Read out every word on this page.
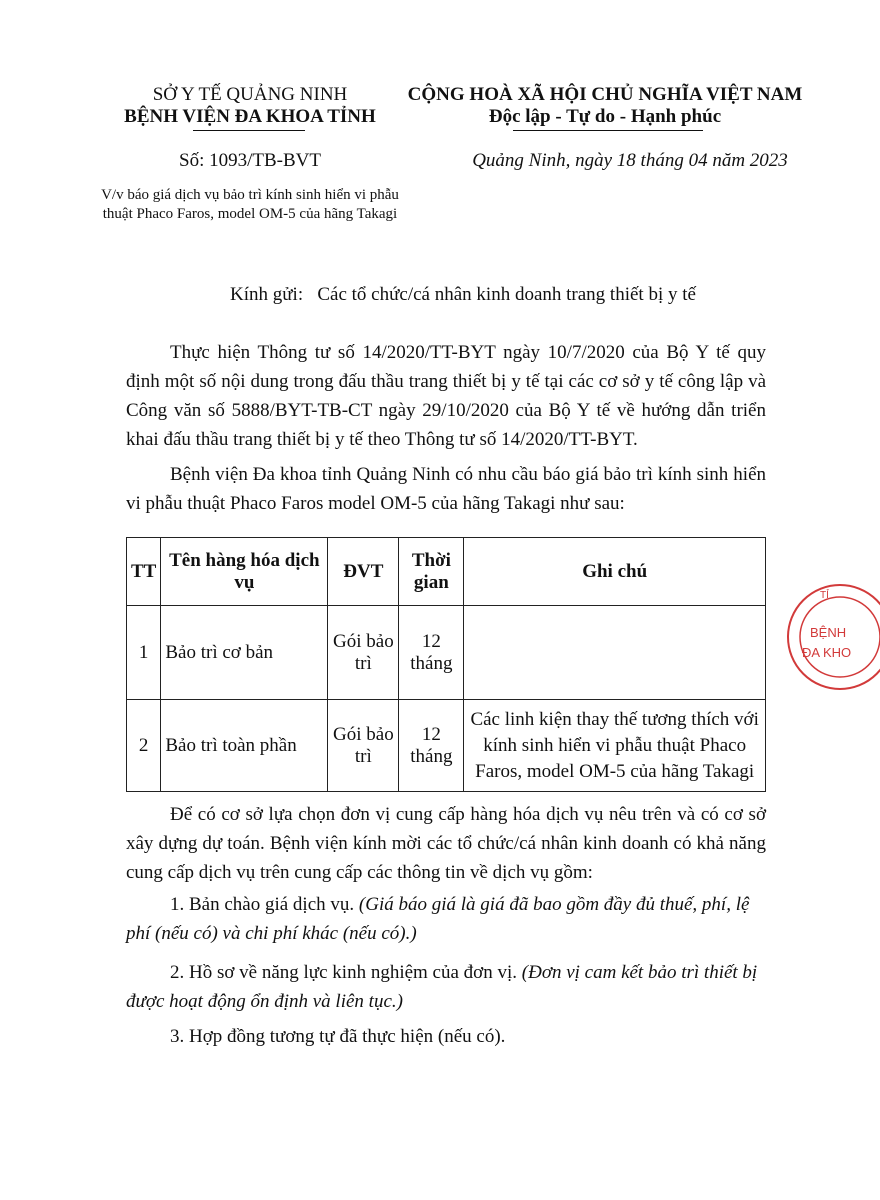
SỞ Y TẾ QUẢNG NINH
BỆNH VIỆN ĐA KHOA TỈNH
CỘNG HOÀ XÃ HỘI CHỦ NGHĨA VIỆT NAM
Độc lập - Tự do - Hạnh phúc
Số: 1093/TB-BVT	Quảng Ninh, ngày 18 tháng 04 năm 2023
V/v báo giá dịch vụ bảo trì kính sinh hiển vi phẫu thuật Phaco Faros, model OM-5 của hãng Takagi
Kính gửi: Các tổ chức/cá nhân kinh doanh trang thiết bị y tế
Thực hiện Thông tư số 14/2020/TT-BYT ngày 10/7/2020 của Bộ Y tế quy định một số nội dung trong đấu thầu trang thiết bị y tế tại các cơ sở y tế công lập và Công văn số 5888/BYT-TB-CT ngày 29/10/2020 của Bộ Y tế về hướng dẫn triển khai đấu thầu trang thiết bị y tế theo Thông tư số 14/2020/TT-BYT.
Bệnh viện Đa khoa tỉnh Quảng Ninh có nhu cầu báo giá bảo trì kính sinh hiển vi phẫu thuật Phaco Faros model OM-5 của hãng Takagi như sau:
TT	Tên hàng hóa dịch vụ	ĐVT	Thời gian	Ghi chú
1	Bảo trì cơ bản	Gói bảo trì	12 tháng	
2	Bảo trì toàn phần	Gói bảo trì	12 tháng	Các linh kiện thay thế tương thích với kính sinh hiển vi phẫu thuật Phaco Faros, model OM-5 của hãng Takagi
Để có cơ sở lựa chọn đơn vị cung cấp hàng hóa dịch vụ nêu trên và có cơ sở xây dựng dự toán. Bệnh viện kính mời các tổ chức/cá nhân kinh doanh có khả năng cung cấp dịch vụ trên cung cấp các thông tin về dịch vụ gồm:
1. Bản chào giá dịch vụ. (Giá báo giá là giá đã bao gồm đầy đủ thuế, phí, lệ phí (nếu có) và chi phí khác (nếu có).)
2. Hồ sơ về năng lực kinh nghiệm của đơn vị. (Đơn vị cam kết bảo trì thiết bị được hoạt động ổn định và liên tục.)
3. Hợp đồng tương tự đã thực hiện (nếu có).
TỈ
BỆNH
ĐA KHO
